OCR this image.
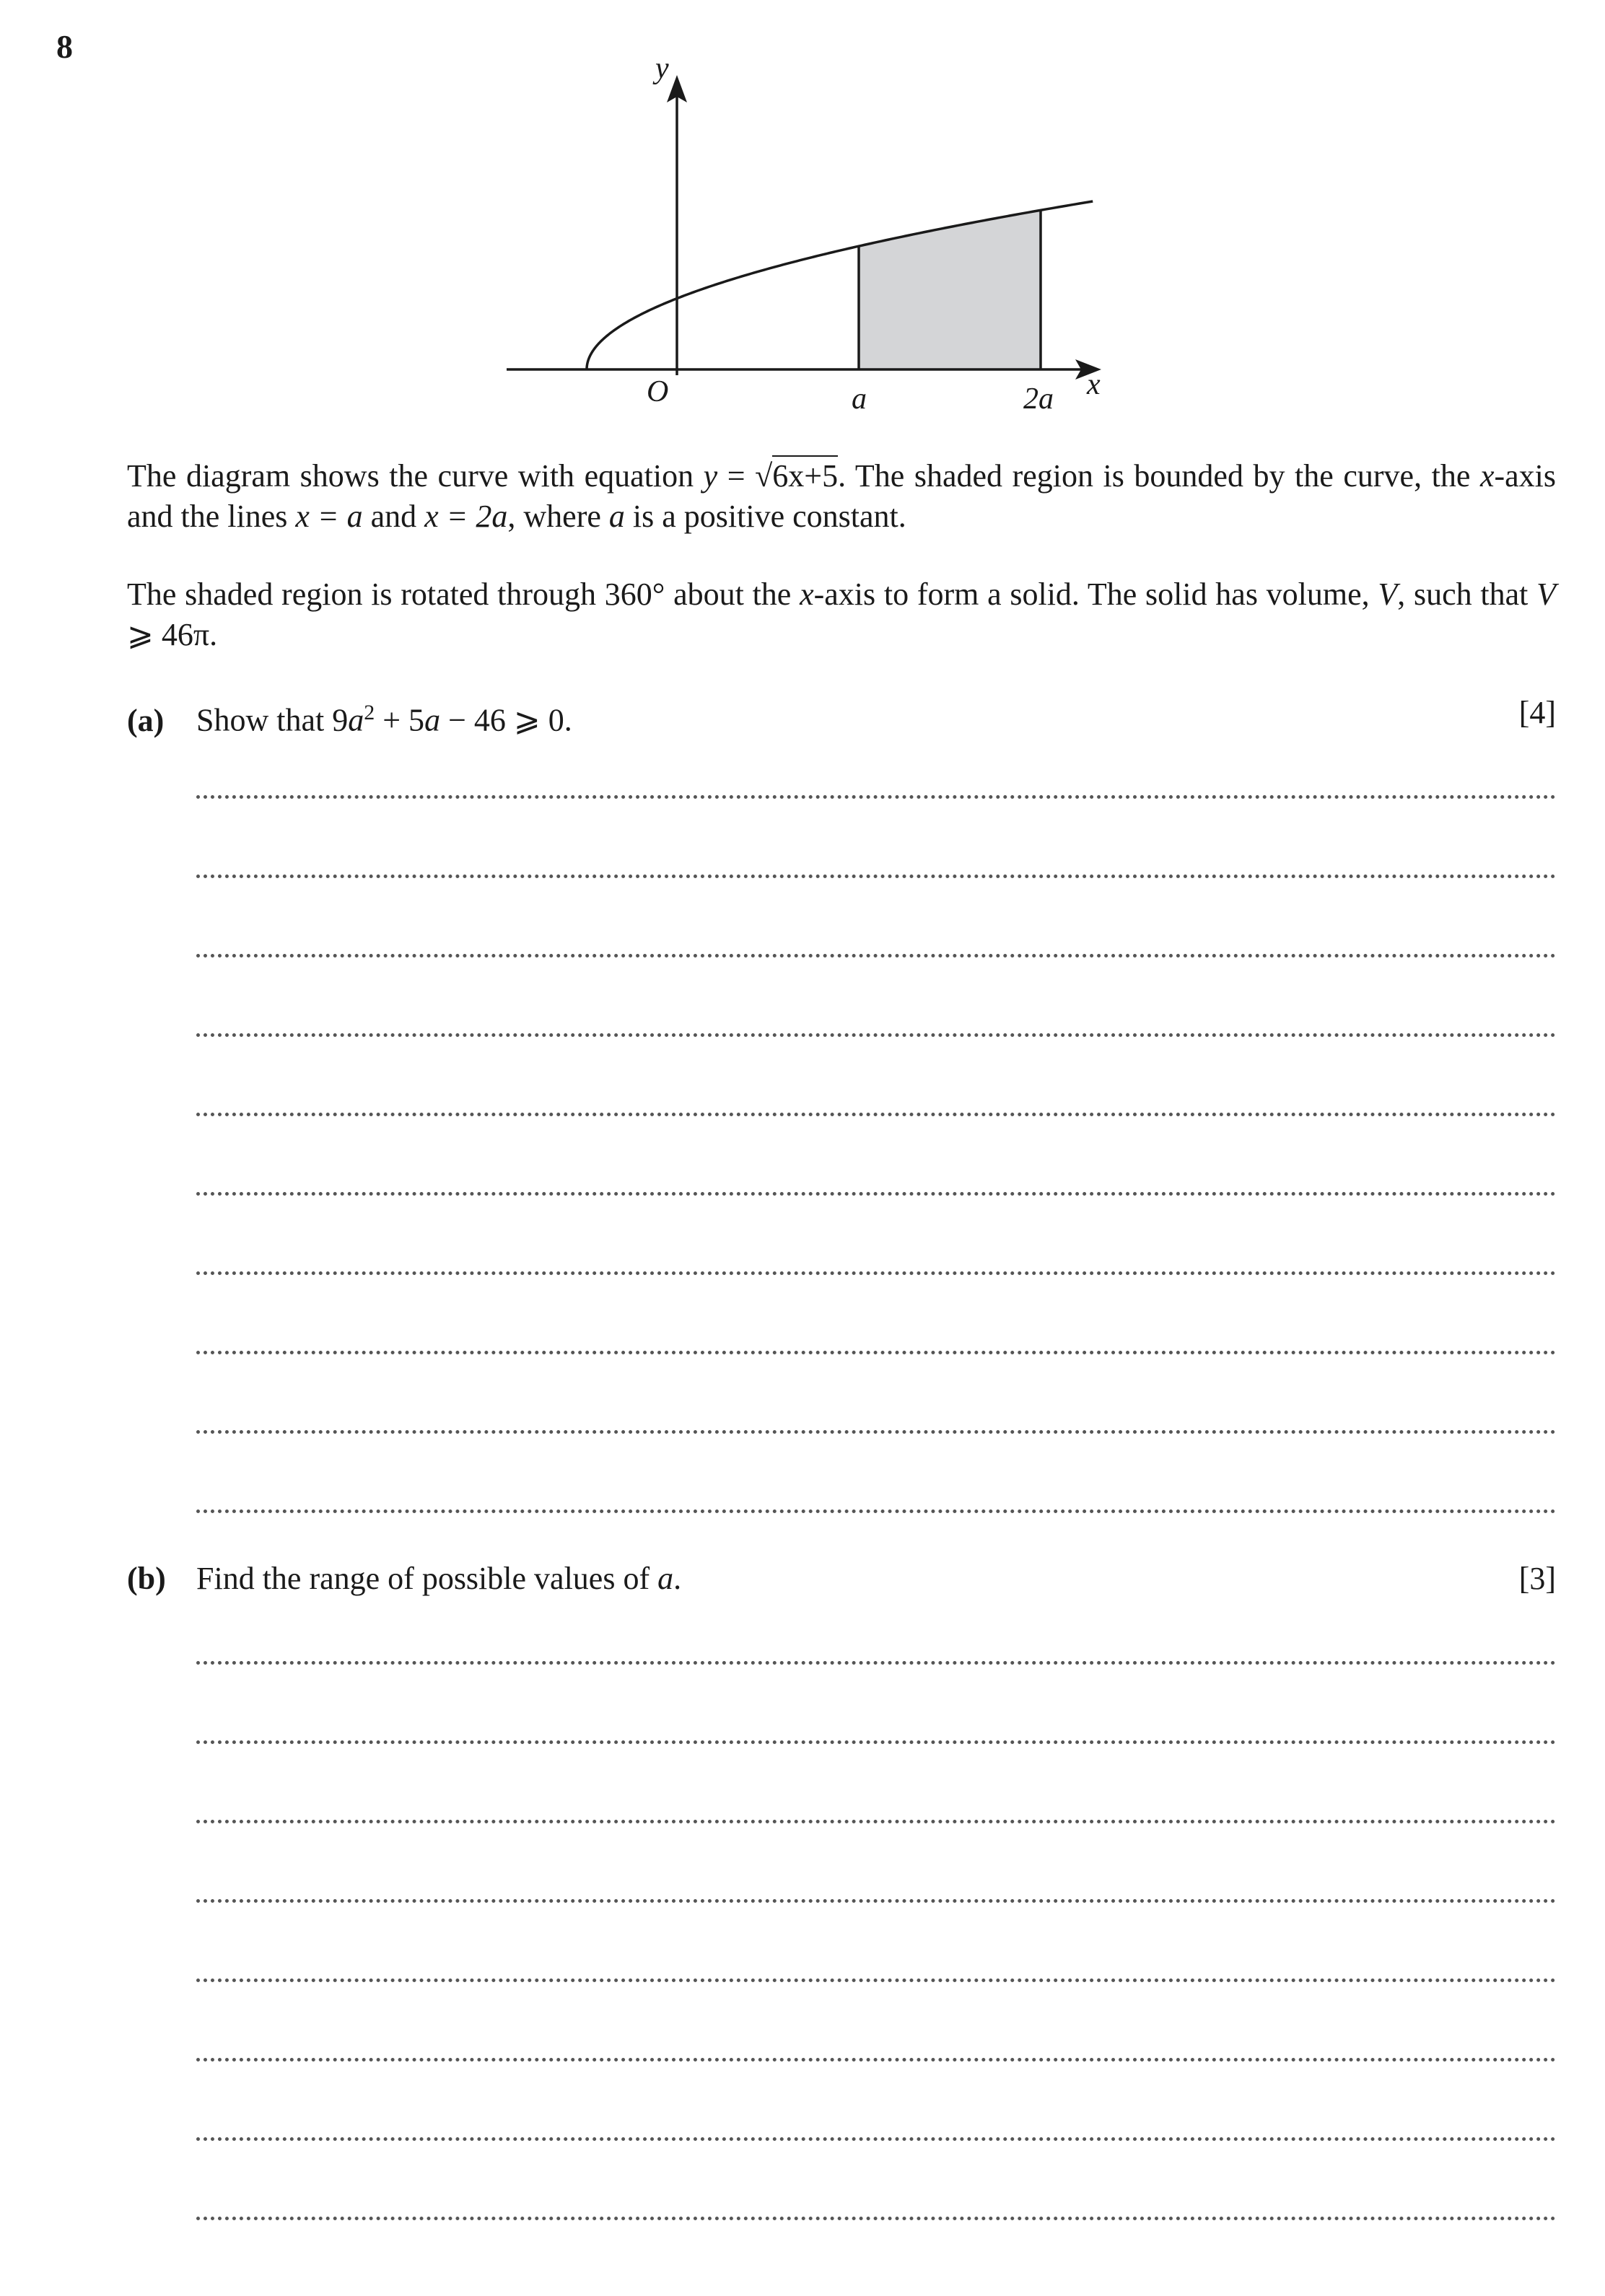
8
y
x
O	a	2a

The diagram shows the curve with equation y = √6x+5. The shaded region is bounded by the curve, the x-axis and the lines x = a and x = 2a, where a is a positive constant.

The shaded region is rotated through 360° about the x-axis to form a solid. The solid has volume, V, such that V ⩾ 46π.

(a) Show that $9a^2 + 5a - 46$ ⩾ 0.	[4]
(b) Find the range of possible values of a.	[3]
